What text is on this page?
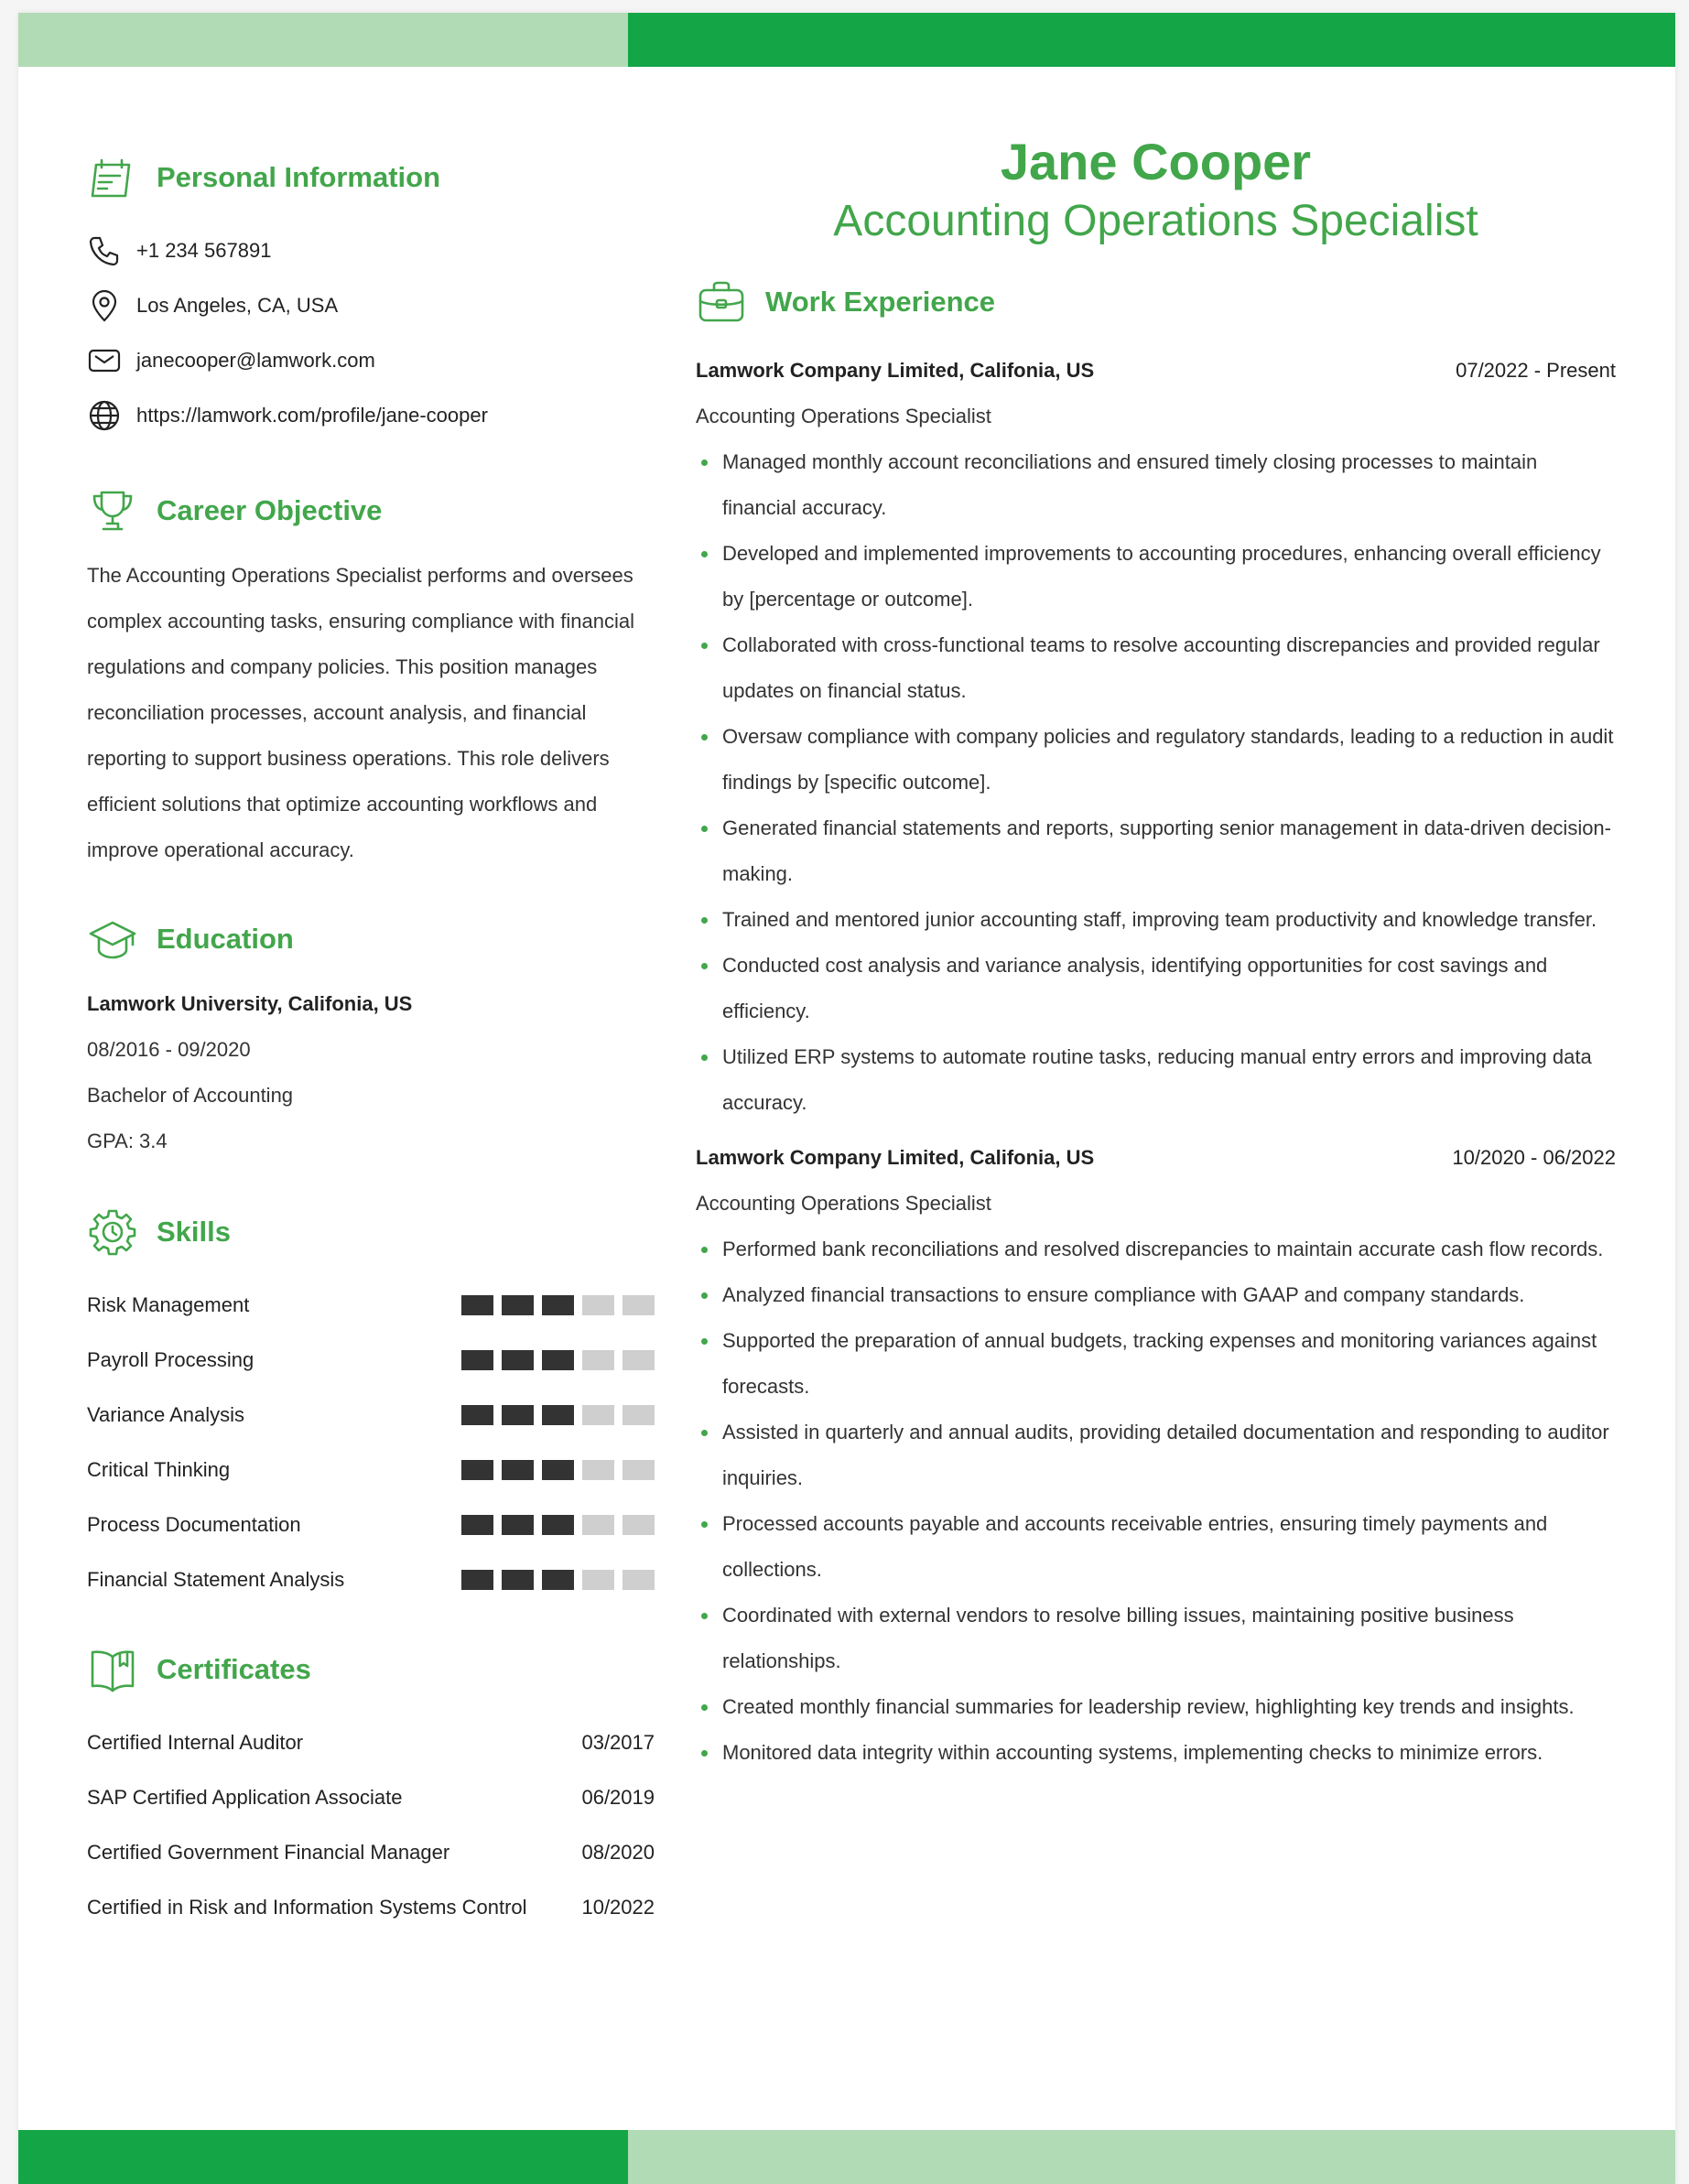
Personal Information
+1 234 567891
Los Angeles, CA, USA
janecooper@lamwork.com
https://lamwork.com/profile/jane-cooper
Career Objective

The Accounting Operations Specialist performs and oversees complex accounting tasks, ensuring compliance with financial regulations and company policies. This position manages reconciliation processes, account analysis, and financial reporting to support business operations. This role delivers efficient solutions that optimize accounting workflows and improve operational accuracy.

Education
Lamwork University, Califonia, US
08/2016 - 09/2020
Bachelor of Accounting
GPA: 3.4
Skills
Risk Management
Payroll Processing
Variance Analysis
Critical Thinking
Process Documentation
Financial Statement Analysis
Certificates
Certified Internal Auditor	03/2017
SAP Certified Application Associate	06/2019
Certified Government Financial Manager	08/2020
Certified in Risk and Information Systems Control	10/2022
Jane Cooper
Accounting Operations Specialist
Work Experience
Lamwork Company Limited, Califonia, US	07/2022 - Present
Accounting Operations Specialist
Managed monthly account reconciliations and ensured timely closing processes to maintain financial accuracy.
Developed and implemented improvements to accounting procedures, enhancing overall efficiency by [percentage or outcome].
Collaborated with cross-functional teams to resolve accounting discrepancies and provided regular updates on financial status.
Oversaw compliance with company policies and regulatory standards, leading to a reduction in audit findings by [specific outcome].
Generated financial statements and reports, supporting senior management in data-driven decision-making.
Trained and mentored junior accounting staff, improving team productivity and knowledge transfer.
Conducted cost analysis and variance analysis, identifying opportunities for cost savings and efficiency.
Utilized ERP systems to automate routine tasks, reducing manual entry errors and improving data accuracy.
Lamwork Company Limited, Califonia, US	10/2020 - 06/2022
Accounting Operations Specialist
Performed bank reconciliations and resolved discrepancies to maintain accurate cash flow records.
Analyzed financial transactions to ensure compliance with GAAP and company standards.
Supported the preparation of annual budgets, tracking expenses and monitoring variances against forecasts.
Assisted in quarterly and annual audits, providing detailed documentation and responding to auditor inquiries.
Processed accounts payable and accounts receivable entries, ensuring timely payments and collections.
Coordinated with external vendors to resolve billing issues, maintaining positive business relationships.
Created monthly financial summaries for leadership review, highlighting key trends and insights.
Monitored data integrity within accounting systems, implementing checks to minimize errors.
